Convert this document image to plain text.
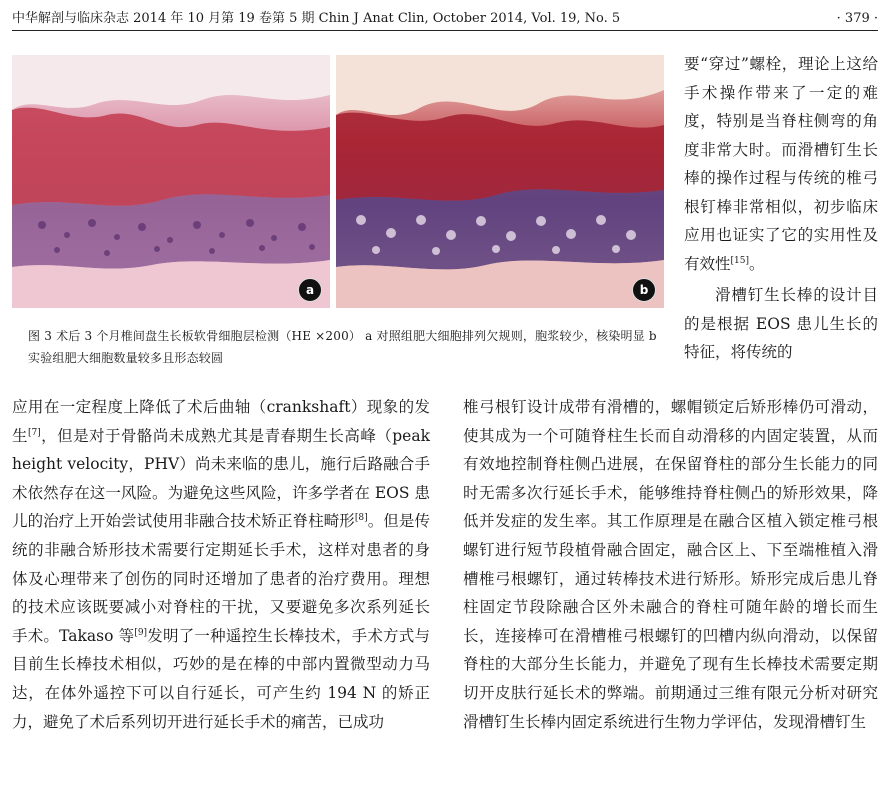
中华解剖与临床杂志 2014 年 10 月第 19 卷第 5 期 Chin J Anat Clin, October 2014, Vol. 19, No. 5	· 379 ·
a	b

图 3 术后 3 个月椎间盘生长板软骨细胞层检测（HE ×200） a 对照组肥大细胞排列欠规则，胞浆较少，核染明显 b 实验组肥大细胞数量较多且形态较圆

要“穿过”螺栓，理论上这给手术操作带来了一定的难度，特别是当脊柱侧弯的角度非常大时。而滑槽钉生长棒的操作过程与传统的椎弓根钉棒非常相似，初步临床应用也证实了它的实用性及有效性[15]。

滑槽钉生长棒的设计目的是根据 EOS 患儿生长的特征，将传统的

应用在一定程度上降低了术后曲轴（crankshaft）现象的发生[7]，但是对于骨骼尚未成熟尤其是青春期生长高峰（peak height velocity，PHV）尚未来临的患儿，施行后路融合手术依然存在这一风险。为避免这些风险，许多学者在 EOS 患儿的治疗上开始尝试使用非融合技术矫正脊柱畸形[8]。但是传统的非融合矫形技术需要行定期延长手术，这样对患者的身体及心理带来了创伤的同时还增加了患者的治疗费用。理想的技术应该既要减小对脊柱的干扰，又要避免多次系列延长手术。Takaso 等[9]发明了一种遥控生长棒技术，手术方式与目前生长棒技术相似，巧妙的是在棒的中部内置微型动力马达，在体外遥控下可以自行延长，可产生约 194 N 的矫正力，避免了术后系列切开进行延长手术的痛苦，已成功

椎弓根钉设计成带有滑槽的，螺帽锁定后矫形棒仍可滑动，使其成为一个可随脊柱生长而自动滑移的内固定装置，从而有效地控制脊柱侧凸进展，在保留脊柱的部分生长能力的同时无需多次行延长手术，能够维持脊柱侧凸的矫形效果，降低并发症的发生率。其工作原理是在融合区植入锁定椎弓根螺钉进行短节段植骨融合固定，融合区上、下至端椎植入滑槽椎弓根螺钉，通过转棒技术进行矫形。矫形完成后患儿脊柱固定节段除融合区外未融合的脊柱可随年龄的增长而生长，连接棒可在滑槽椎弓根螺钉的凹槽内纵向滑动，以保留脊柱的大部分生长能力，并避免了现有生长棒技术需要定期切开皮肤行延长术的弊端。前期通过三维有限元分析对研究滑槽钉生长棒内固定系统进行生物力学评估，发现滑槽钉生
